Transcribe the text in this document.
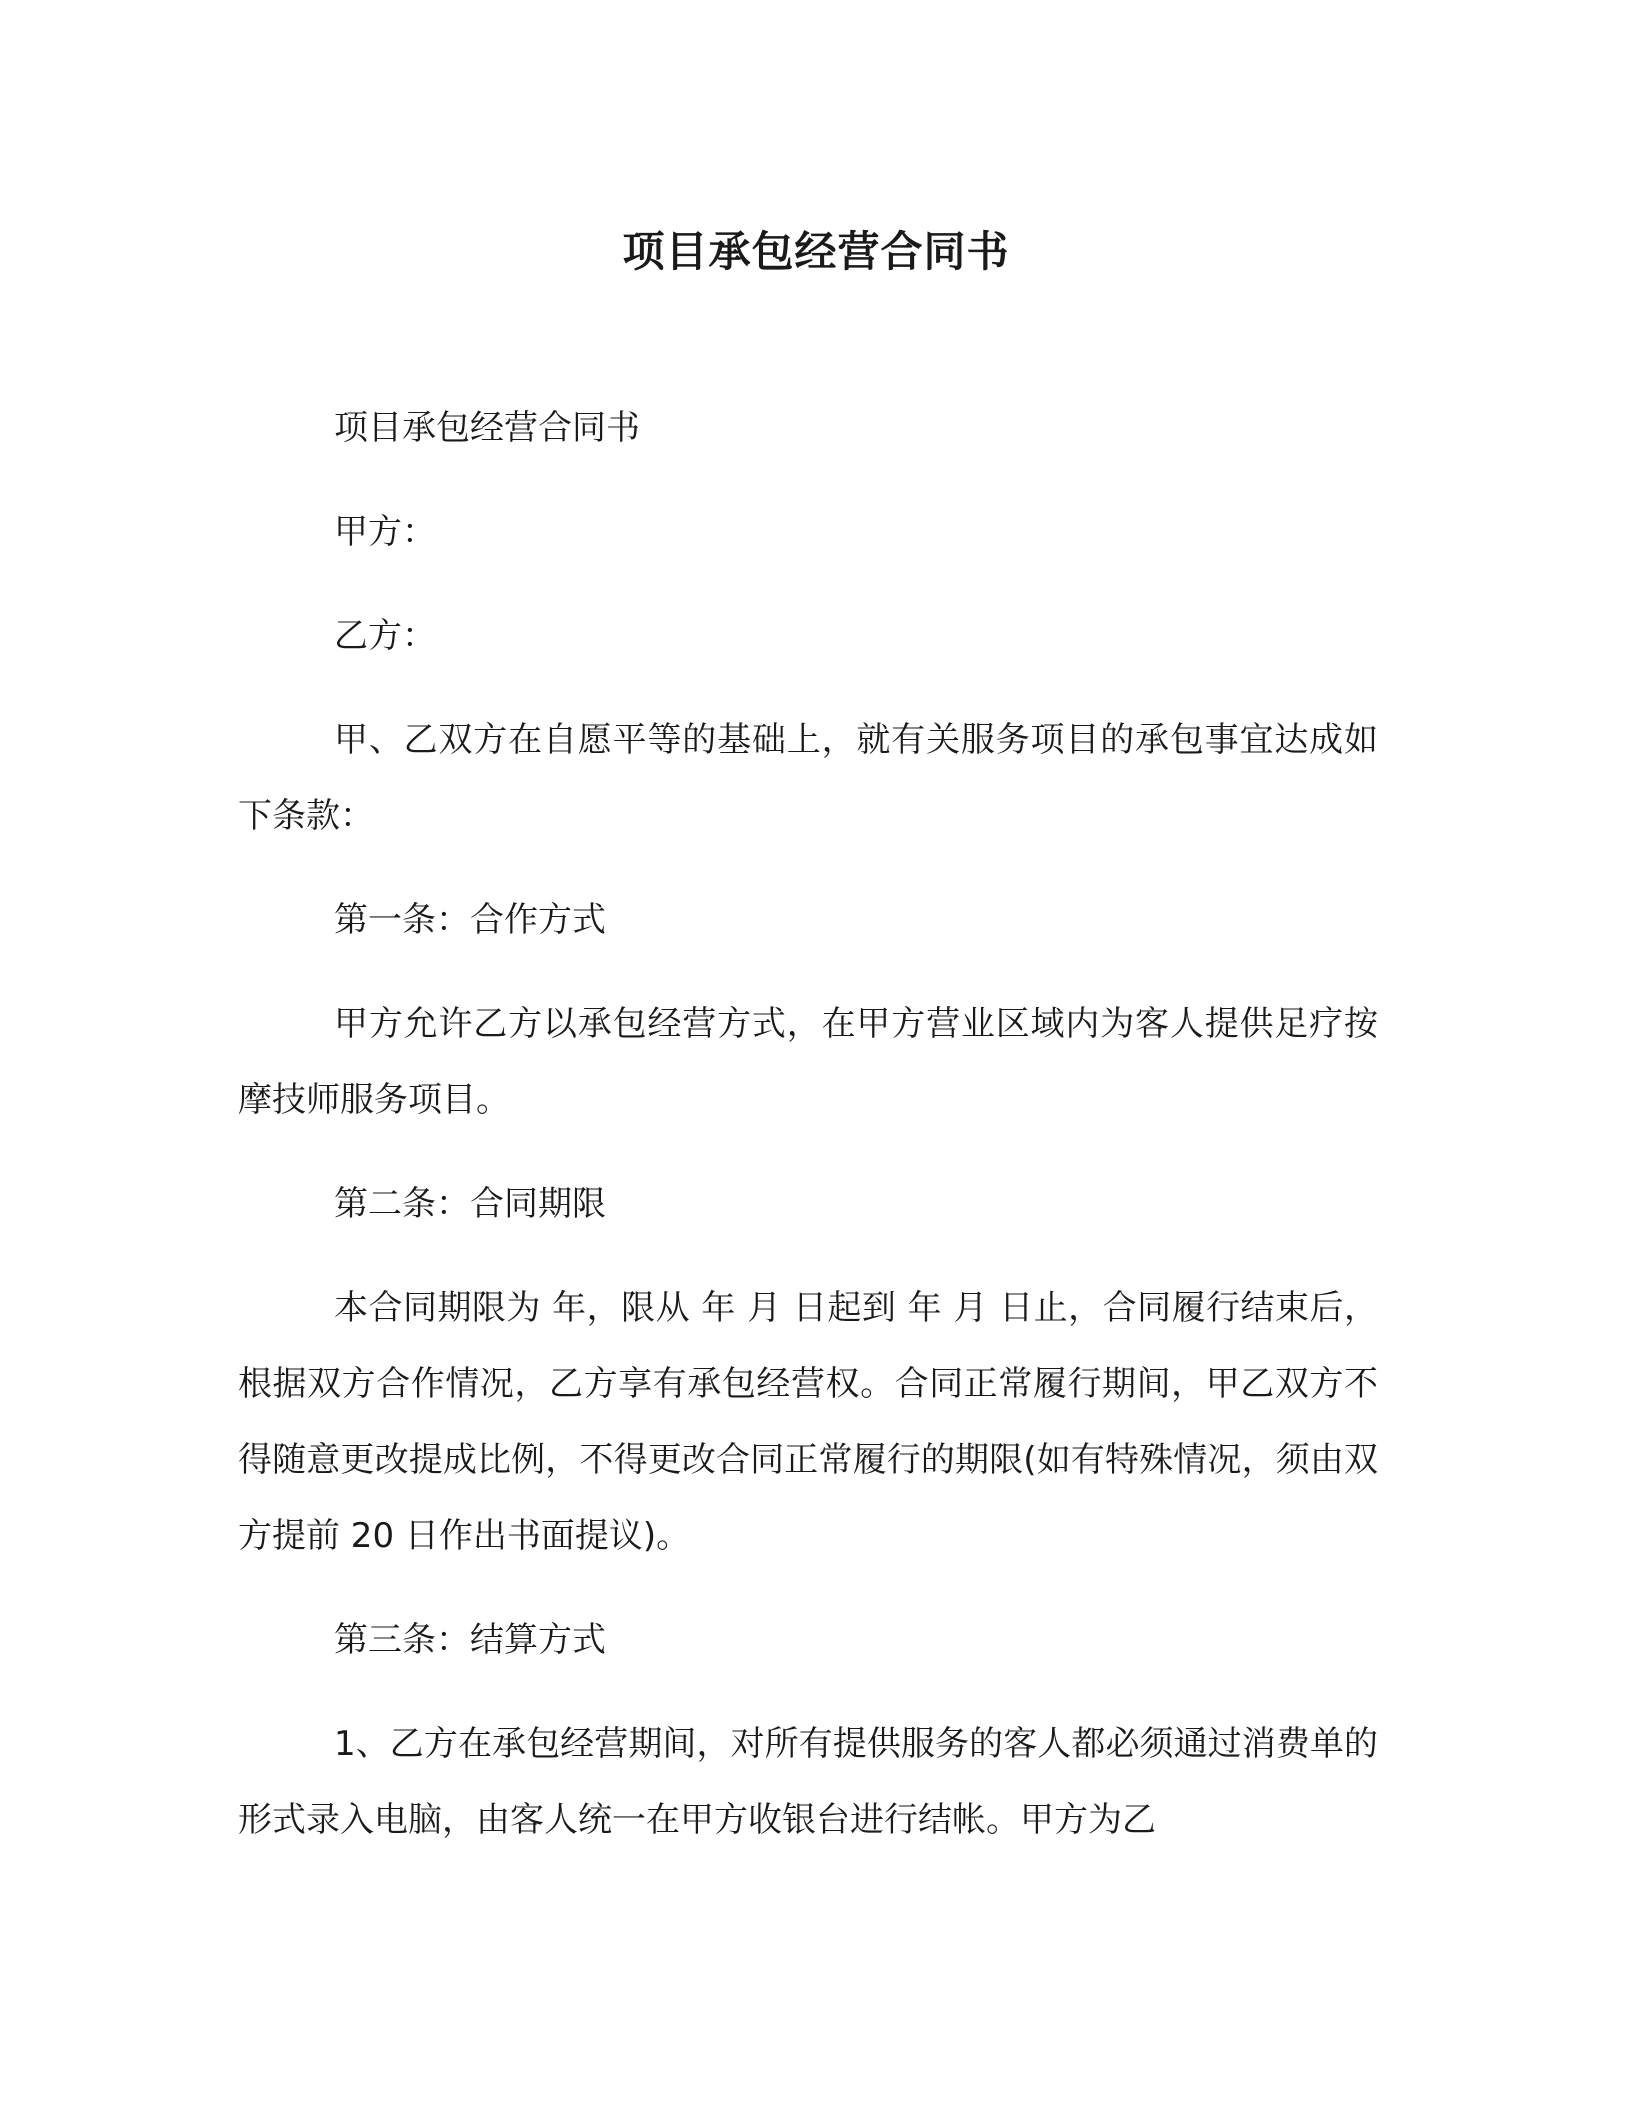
项目承包经营合同书

项目承包经营合同书

甲方：

乙方：

甲、乙双方在自愿平等的基础上，就有关服务项目的承包事宜达成如下条款：

第一条：合作方式

甲方允许乙方以承包经营方式，在甲方营业区域内为客人提供足疗按摩技师服务项目。

第二条：合同期限

本合同期限为 年，限从 年 月 日起到 年 月 日止，合同履行结束后，根据双方合作情况，乙方享有承包经营权。合同正常履行期间，甲乙双方不得随意更改提成比例，不得更改合同正常履行的期限(如有特殊情况，须由双方提前 20 日作出书面提议)。

第三条：结算方式

1、乙方在承包经营期间，对所有提供服务的客人都必须通过消费单的形式录入电脑，由客人统一在甲方收银台进行结帐。甲方为乙
